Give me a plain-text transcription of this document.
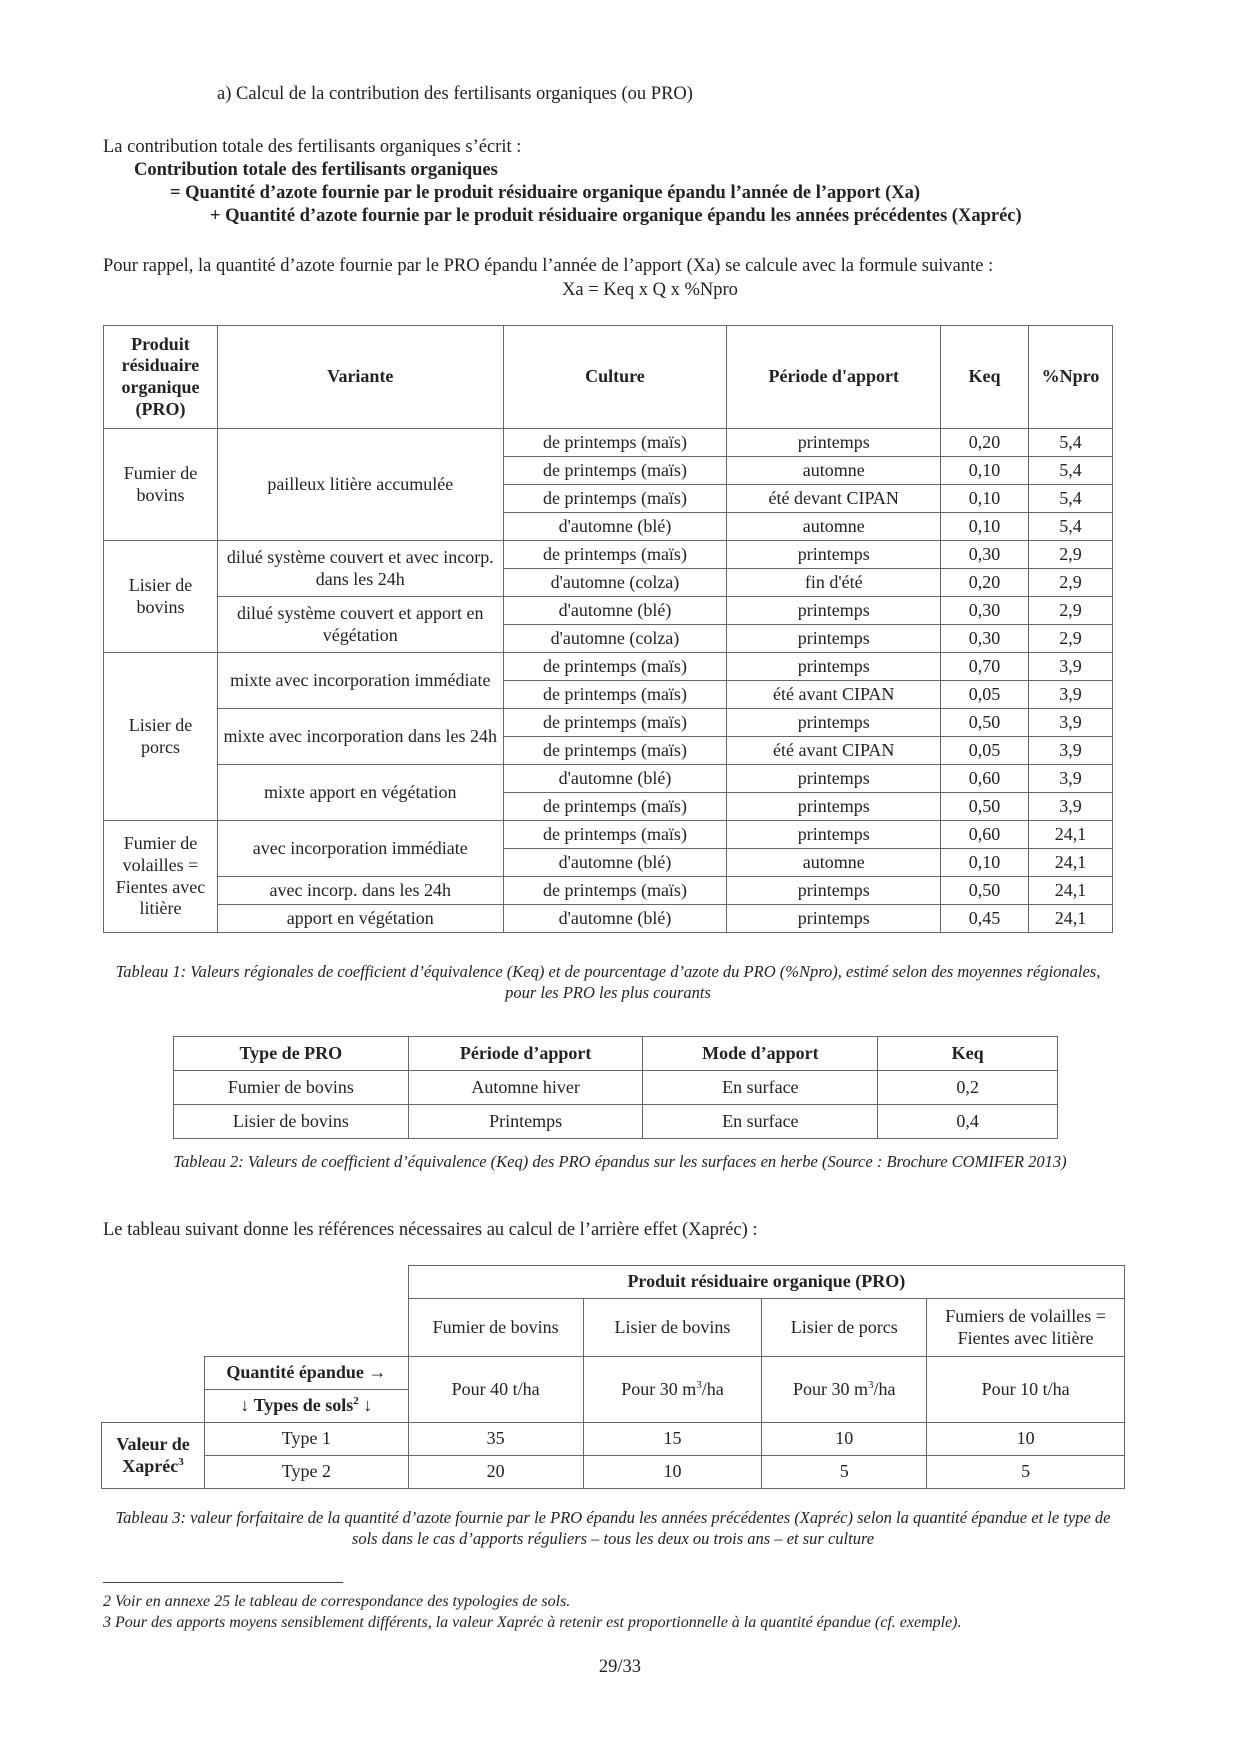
a) Calcul de la contribution des fertilisants organiques (ou PRO)
La contribution totale des fertilisants organiques s’écrit :
Contribution totale des fertilisants organiques
= Quantité d’azote fournie par le produit résiduaire organique épandu l’année de l’apport (Xa)
+ Quantité d’azote fournie par le produit résiduaire organique épandu les années précédentes (Xapréc)
Pour rappel, la quantité d’azote fournie par le PRO épandu l’année de l’apport (Xa) se calcule avec la formule suivante :
Xa = Keq x Q x %Npro
Produit résiduaire organique (PRO)	Variante	Culture	Période d'apport	Keq	%Npro
Fumier de bovins	pailleux litière accumulée	de printemps (maïs)	printemps	0,20	5,4
		de printemps (maïs)	automne	0,10	5,4
		de printemps (maïs)	été devant CIPAN	0,10	5,4
		d'automne (blé)	automne	0,10	5,4
Lisier de bovins	dilué système couvert et avec incorp. dans les 24h	de printemps (maïs)	printemps	0,30	2,9
		d'automne (colza)	fin d'été	0,20	2,9
	dilué système couvert et apport en végétation	d'automne (blé)	printemps	0,30	2,9
		d'automne (colza)	printemps	0,30	2,9
Lisier de porcs	mixte avec incorporation immédiate	de printemps (maïs)	printemps	0,70	3,9
		de printemps (maïs)	été avant CIPAN	0,05	3,9
	mixte avec incorporation dans les 24h	de printemps (maïs)	printemps	0,50	3,9
		de printemps (maïs)	été avant CIPAN	0,05	3,9
	mixte apport en végétation	d'automne (blé)	printemps	0,60	3,9
		de printemps (maïs)	printemps	0,50	3,9
Fumier de volailles = Fientes avec litière	avec incorporation immédiate	de printemps (maïs)	printemps	0,60	24,1
		d'automne (blé)	automne	0,10	24,1
	avec incorp. dans les 24h	de printemps (maïs)	printemps	0,50	24,1
	apport en végétation	d'automne (blé)	printemps	0,45	24,1
Tableau 1: Valeurs régionales de coefficient d’équivalence (Keq) et de pourcentage d’azote du PRO (%Npro), estimé selon des moyennes régionales, pour les PRO les plus courants
Type de PRO	Période d’apport	Mode d’apport	Keq
Fumier de bovins	Automne hiver	En surface	0,2
Lisier de bovins	Printemps	En surface	0,4
Tableau 2: Valeurs de coefficient d’équivalence (Keq) des PRO épandus sur les surfaces en herbe (Source : Brochure COMIFER 2013)
Le tableau suivant donne les références nécessaires au calcul de l’arrière effet (Xapréc) :
		Produit résiduaire organique (PRO)			
		Fumier de bovins	Lisier de bovins	Lisier de porcs	Fumiers de volailles = Fientes avec litière
	Quantité épandue →	Pour 40 t/ha	Pour 30 $m^3/ha$	Pour 30 $m^3/ha$	Pour 10 t/ha
	↓ Types de sols$^2$ ↓				
Valeur de Xapréc$^3$	Type 1	35	15	10	10
	Type 2	20	10	5	5
Tableau 3: valeur forfaitaire de la quantité d’azote fournie par le PRO épandu les années précédentes (Xapréc) selon la quantité épandue et le type de sols dans le cas d’apports réguliers – tous les deux ou trois ans – et sur culture
2 Voir en annexe 25 le tableau de correspondance des typologies de sols.
3 Pour des apports moyens sensiblement différents, la valeur Xapréc à retenir est proportionnelle à la quantité épandue (cf. exemple).
29/33
